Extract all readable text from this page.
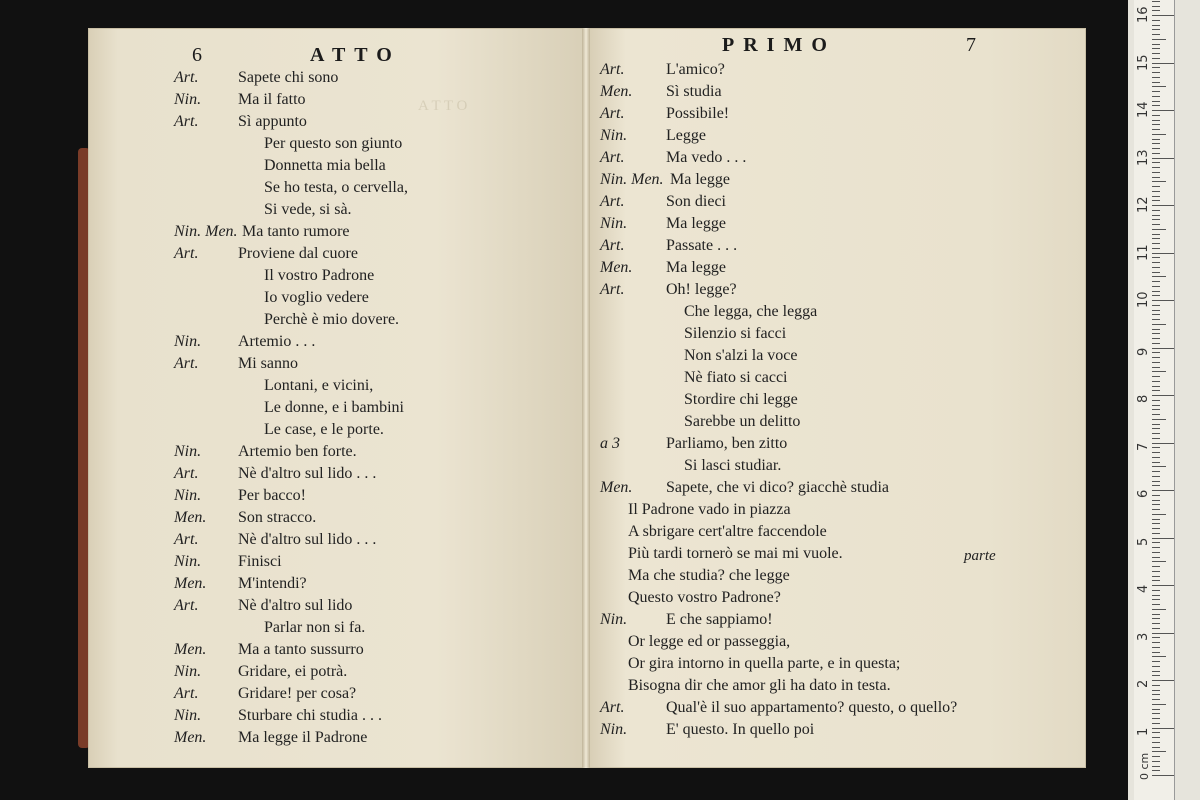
A T T O
6	ATTO
Art. Sapete chi sono
Nin. Ma il fatto
Art. Sì appunto
Per questo son giunto
Donnetta mia bella
Se ho testa, o cervella,
Si vede, si sà.
Nin. Men. Ma tanto rumore
Art. Proviene dal cuore
Il vostro Padrone
Io voglio vedere
Perchè è mio dovere.
Nin. Artemio . . .
Art. Mi sanno
Lontani, e vicini,
Le donne, e i bambini
Le case, e le porte.
Nin. Artemio ben forte.
Art. Nè d'altro sul lido . . .
Nin. Per bacco!
Men. Son stracco.
Art. Nè d'altro sul lido . . .
Nin. Finisci
Men. M'intendi?
Art. Nè d'altro sul lido
Parlar non si fa.
Men. Ma a tanto sussurro
Nin. Gridare, ei potrà.
Art. Gridare! per cosa?
Nin. Sturbare chi studia . . .
Men. Ma legge il Padrone
PRIMO	7
Art.	L'amico?
Men. Sì studia
Art.	Possibile!
Nin. Legge
Art.	Ma vedo . . .
Nin. Men. Ma legge
Art.	Son dieci
Nin. Ma legge
Art.	Passate . . .
Men. Ma legge
Art.	Oh! legge?
Che legga, che legga
Silenzio si facci
Non s'alzi la voce
Nè fiato si cacci
Stordire chi legge
Sarebbe un delitto
a 3	Parliamo, ben zitto
Si lasci studiar.
Men. Sapete, che vi dico? giacchè studia
Il Padrone vado in piazza
A sbrigare cert'altre faccendole
Più tardi tornerò se mai mi vuole.
Ma che studia? che legge
Questo vostro Padrone?
Nin. E che sappiamo!
Or legge ed or passeggia,
Or gira intorno in quella parte, e in questa;
Bisogna dir che amor gli ha dato in testa.
Art.	Qual'è il suo appartamento? questo, o quello?
Nin. E' questo. In quello poi
parte
1
2
3
4
5
6
7
8
9
10
11
12
13
14
15
16
0 cm
